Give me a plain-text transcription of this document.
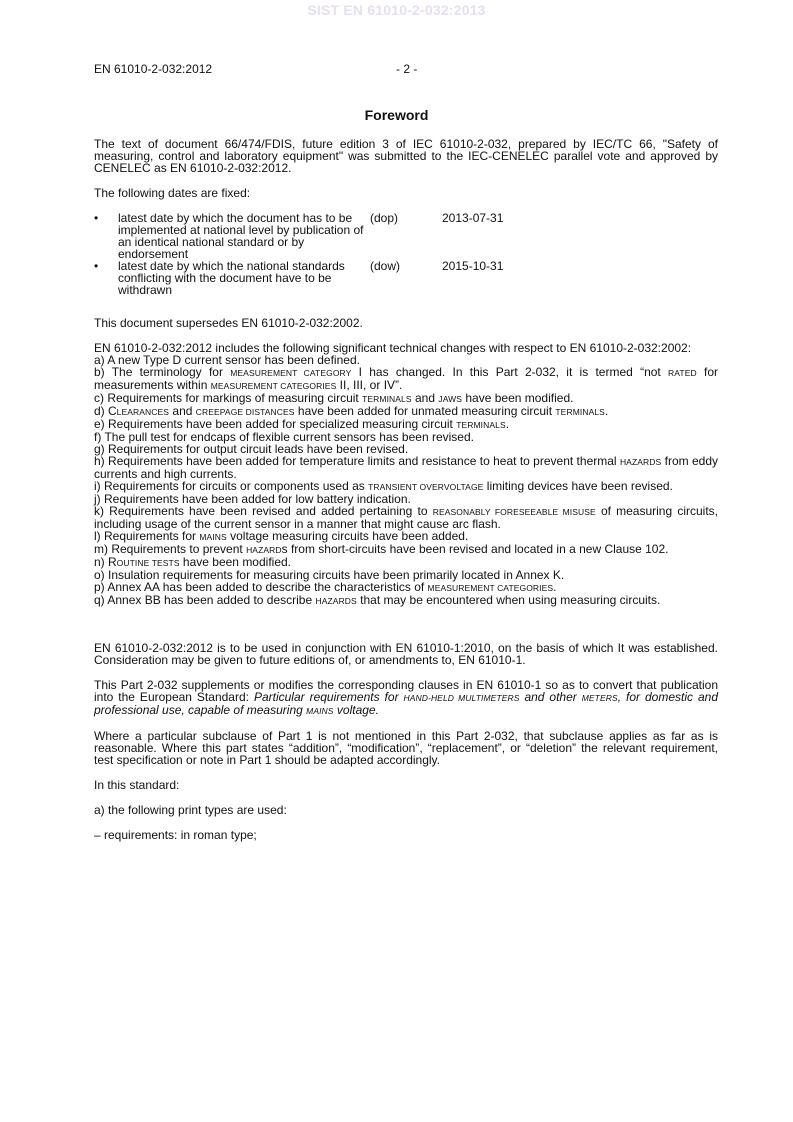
SIST EN 61010-2-032:2013
EN 61010-2-032:2012	- 2 -
Foreword

The text of document 66/474/FDIS, future edition 3 of IEC 61010-2-032, prepared by IEC/TC 66, "Safety of measuring, control and laboratory equipment" was submitted to the IEC-CENELEC parallel vote and approved by CENELEC as EN 61010-2-032:2012.

The following dates are fixed:

•	latest date by which the document has to be implemented at national level by publication of an identical national standard or by endorsement	(dop)	2013-07-31
•	latest date by which the national standards conflicting with the document have to be withdrawn	(dow)	2015-10-31

This document supersedes EN 61010-2-032:2002.

EN 61010-2-032:2012 includes the following significant technical changes with respect to EN 61010-2-032:2002:

a) A new Type D current sensor has been defined.

b) The terminology for MEASUREMENT CATEGORY I has changed. In this Part 2-032, it is termed “not RATED for measurements within MEASUREMENT CATEGORIES II, III, or IV”.

c) Requirements for markings of measuring circuit TERMINALS and JAWS have been modified.

d) CLEARANCES and CREEPAGE DISTANCES have been added for unmated measuring circuit TERMINALS.

e) Requirements have been added for specialized measuring circuit TERMINALS.

f) The pull test for endcaps of flexible current sensors has been revised.

g) Requirements for output circuit leads have been revised.

h) Requirements have been added for temperature limits and resistance to heat to prevent thermal HAZARDS from eddy currents and high currents.

i) Requirements for circuits or components used as TRANSIENT OVERVOLTAGE limiting devices have been revised.

j) Requirements have been added for low battery indication.

k) Requirements have been revised and added pertaining to REASONABLY FORESEEABLE MISUSE of measuring circuits, including usage of the current sensor in a manner that might cause arc flash.

l) Requirements for MAINS voltage measuring circuits have been added.

m) Requirements to prevent HAZARDs from short-circuits have been revised and located in a new Clause 102.

n) ROUTINE TESTS have been modified.

o) Insulation requirements for measuring circuits have been primarily located in Annex K.

p) Annex AA has been added to describe the characteristics of MEASUREMENT CATEGORIES.

q) Annex BB has been added to describe HAZARDS that may be encountered when using measuring circuits.

EN 61010-2-032:2012 is to be used in conjunction with EN 61010-1:2010, on the basis of which It was established. Consideration may be given to future editions of, or amendments to, EN 61010-1.

This Part 2-032 supplements or modifies the corresponding clauses in EN 61010-1 so as to convert that publication into the European Standard: Particular requirements for HAND-HELD MULTIMETERS and other METERS, for domestic and professional use, capable of measuring MAINS voltage.

Where a particular subclause of Part 1 is not mentioned in this Part 2-032, that subclause applies as far as is reasonable. Where this part states “addition”, “modification”, “replacement”, or “deletion” the relevant requirement, test specification or note in Part 1 should be adapted accordingly.

In this standard:

a) the following print types are used:

– requirements: in roman type;
